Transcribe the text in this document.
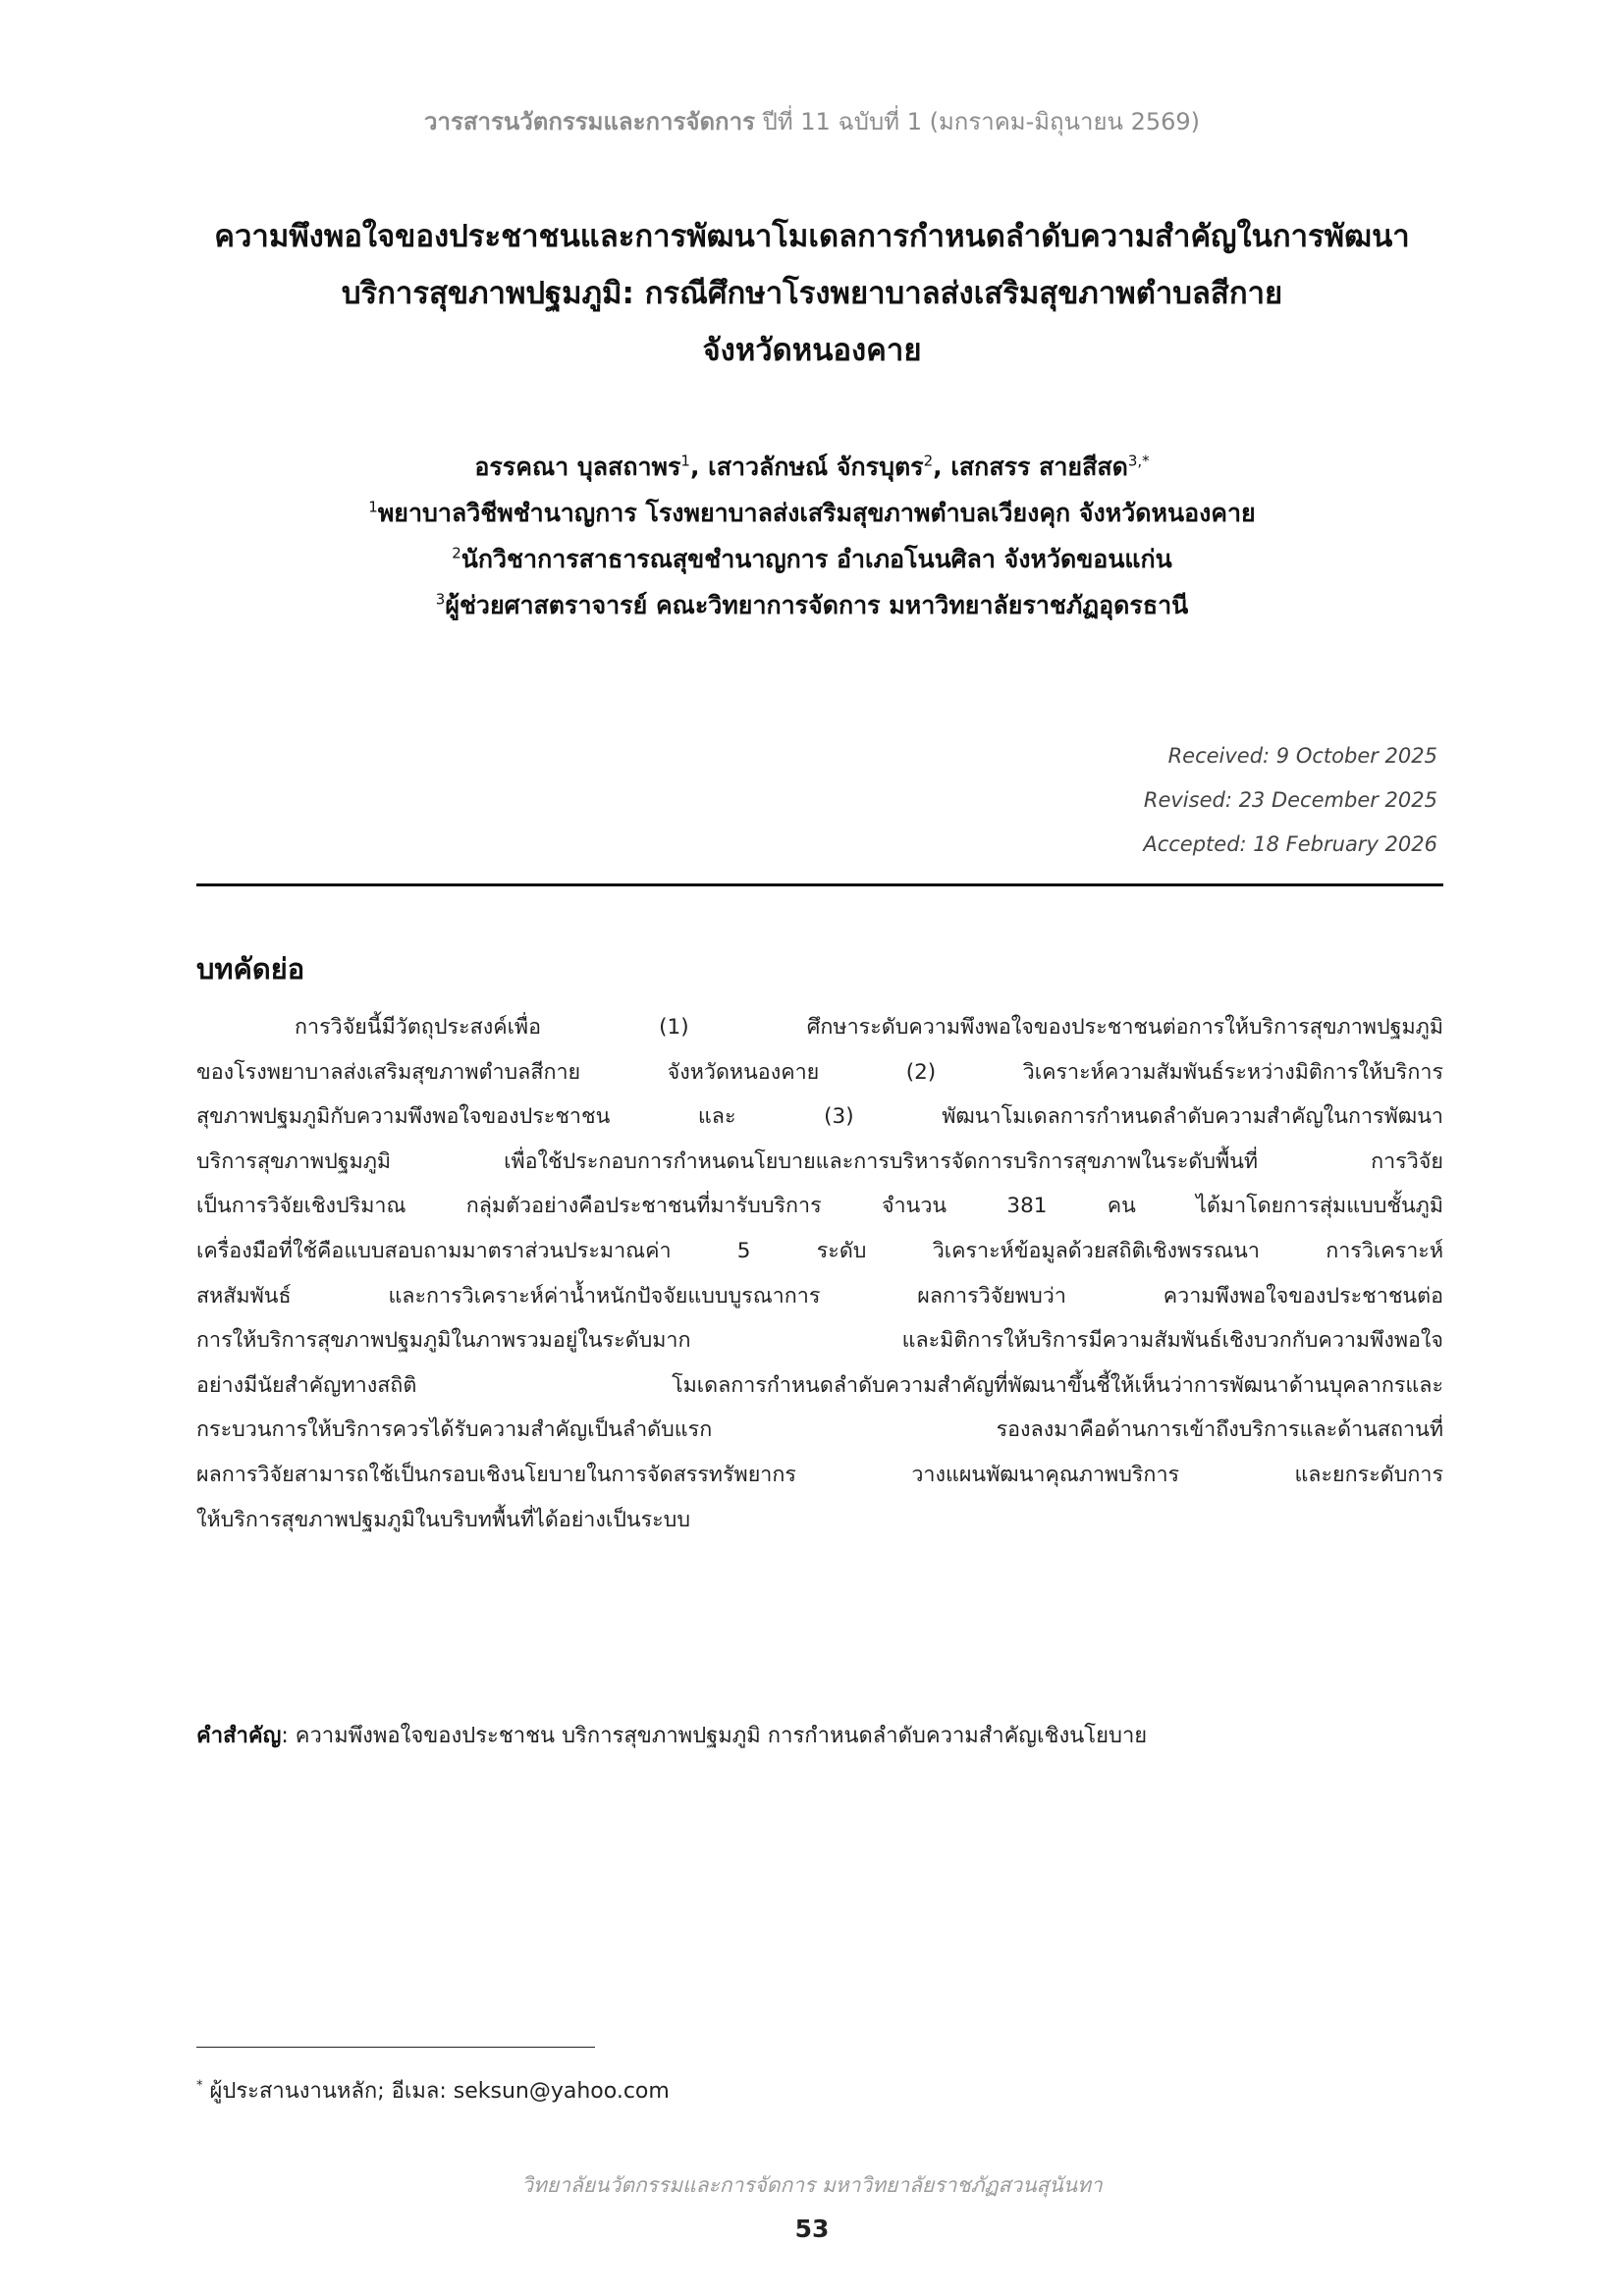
วารสารนวัตกรรมและการจัดการ ปีที่ 11 ฉบับที่ 1 (มกราคม-มิถุนายน 2569)
ความพึงพอใจของประชาชนและการพัฒนาโมเดลการกำหนดลำดับความสำคัญในการพัฒนา
บริการสุขภาพปฐมภูมิ: กรณีศึกษาโรงพยาบาลส่งเสริมสุขภาพตำบลสีกาย
จังหวัดหนองคาย
อรรคณา บุลสถาพร$^1$, เสาวลักษณ์ จักรบุตร$^2$, เสกสรร สายสีสด$^{3,*}$
$^1$พยาบาลวิชีพชำนาญการ โรงพยาบาลส่งเสริมสุขภาพตำบลเวียงคุก จังหวัดหนองคาย
$^2$นักวิชาการสาธารณสุขชำนาญการ อำเภอโนนศิลา จังหวัดขอนแก่น
$^3$ผู้ช่วยศาสตราจารย์ คณะวิทยาการจัดการ มหาวิทยาลัยราชภัฏอุดรธานี
Received: 9 October 2025
Revised: 23 December 2025
Accepted: 18 February 2026
บทคัดย่อ
การวิจัยนี้มีวัตถุประสงค์เพื่อ (1) ศึกษาระดับความพึงพอใจของประชาชนต่อการให้บริการสุขภาพปฐมภูมิ
ของโรงพยาบาลส่งเสริมสุขภาพตำบลสีกาย จังหวัดหนองคาย (2) วิเคราะห์ความสัมพันธ์ระหว่างมิติการให้บริการ
สุขภาพปฐมภูมิกับความพึงพอใจของประชาชน และ (3) พัฒนาโมเดลการกำหนดลำดับความสำคัญในการพัฒนา
บริการสุขภาพปฐมภูมิ เพื่อใช้ประกอบการกำหนดนโยบายและการบริหารจัดการบริการสุขภาพในระดับพื้นที่ การวิจัย
เป็นการวิจัยเชิงปริมาณ กลุ่มตัวอย่างคือประชาชนที่มารับบริการ จำนวน 381 คน ได้มาโดยการสุ่มแบบชั้นภูมิ
เครื่องมือที่ใช้คือแบบสอบถามมาตราส่วนประมาณค่า 5 ระดับ วิเคราะห์ข้อมูลด้วยสถิติเชิงพรรณนา การวิเคราะห์
สหสัมพันธ์ และการวิเคราะห์ค่าน้ำหนักปัจจัยแบบบูรณาการ ผลการวิจัยพบว่า ความพึงพอใจของประชาชนต่อ
การให้บริการสุขภาพปฐมภูมิในภาพรวมอยู่ในระดับมาก และมิติการให้บริการมีความสัมพันธ์เชิงบวกกับความพึงพอใจ
อย่างมีนัยสำคัญทางสถิติ โมเดลการกำหนดลำดับความสำคัญที่พัฒนาขึ้นชี้ให้เห็นว่าการพัฒนาด้านบุคลากรและ
กระบวนการให้บริการควรได้รับความสำคัญเป็นลำดับแรก รองลงมาคือด้านการเข้าถึงบริการและด้านสถานที่
ผลการวิจัยสามารถใช้เป็นกรอบเชิงนโยบายในการจัดสรรทรัพยากร วางแผนพัฒนาคุณภาพบริการ และยกระดับการ
ให้บริการสุขภาพปฐมภูมิในบริบทพื้นที่ได้อย่างเป็นระบบ
คำสำคัญ: ความพึงพอใจของประชาชน บริการสุขภาพปฐมภูมิ การกำหนดลำดับความสำคัญเชิงนโยบาย
* ผู้ประสานงานหลัก; อีเมล: seksun@yahoo.com
วิทยาลัยนวัตกรรมและการจัดการ มหาวิทยาลัยราชภัฏสวนสุนันทา
53
